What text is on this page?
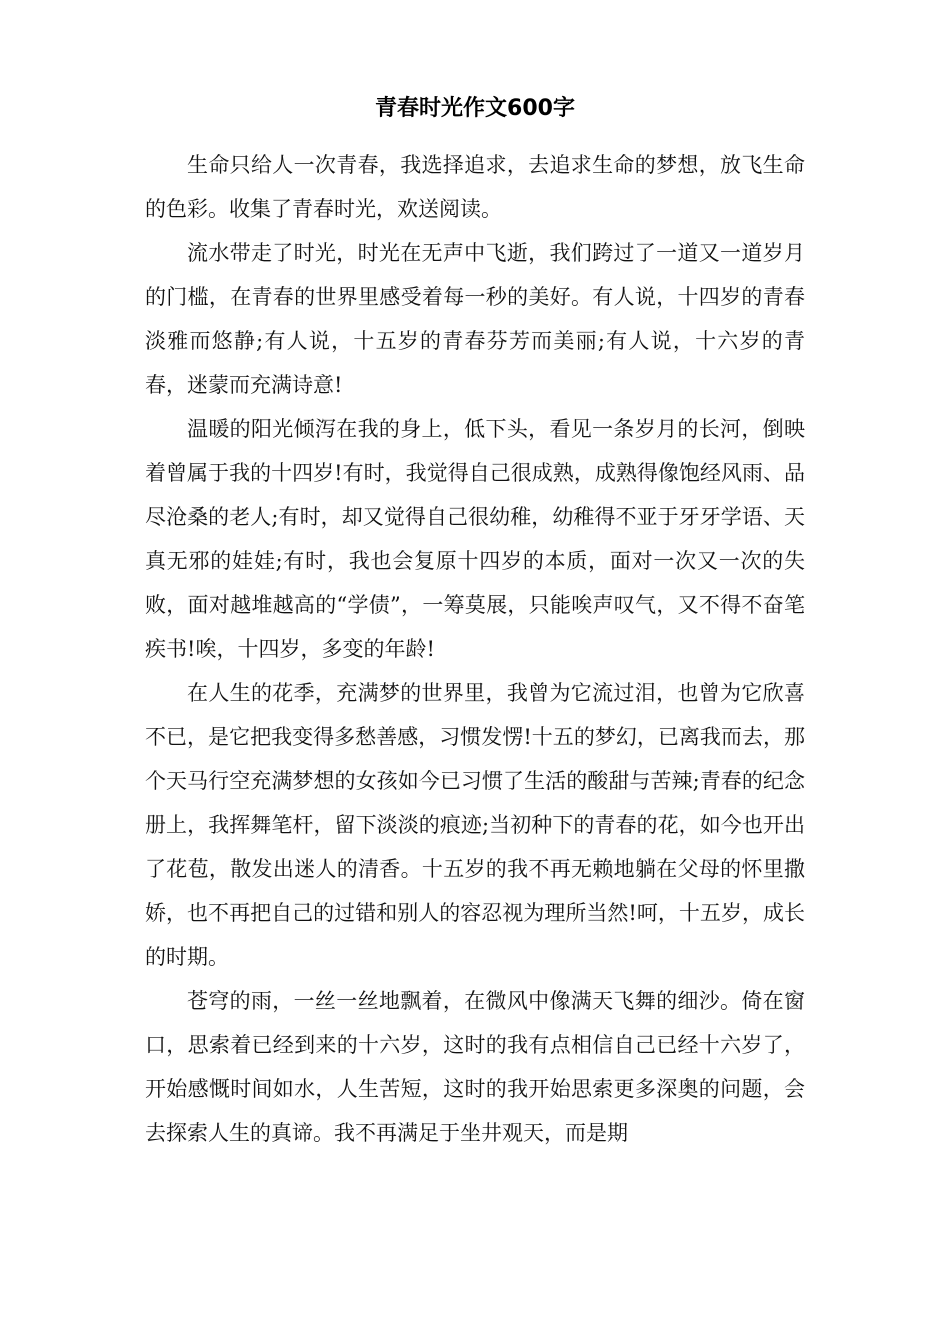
青春时光作文600字

生命只给人一次青春，我选择追求，去追求生命的梦想，放飞生命的色彩。收集了青春时光，欢送阅读。

流水带走了时光，时光在无声中飞逝，我们跨过了一道又一道岁月的门槛，在青春的世界里感受着每一秒的美好。有人说，十四岁的青春淡雅而悠静;有人说，十五岁的青春芬芳而美丽;有人说，十六岁的青春，迷蒙而充满诗意!

温暖的阳光倾泻在我的身上，低下头，看见一条岁月的长河，倒映着曾属于我的十四岁!有时，我觉得自己很成熟，成熟得像饱经风雨、品尽沧桑的老人;有时，却又觉得自己很幼稚，幼稚得不亚于牙牙学语、天真无邪的娃娃;有时，我也会复原十四岁的本质，面对一次又一次的失败，面对越堆越高的“学债”，一筹莫展，只能唉声叹气，又不得不奋笔疾书!唉，十四岁，多变的年龄!

在人生的花季，充满梦的世界里，我曾为它流过泪，也曾为它欣喜不已，是它把我变得多愁善感，习惯发愣!十五的梦幻，已离我而去，那个天马行空充满梦想的女孩如今已习惯了生活的酸甜与苦辣;青春的纪念册上，我挥舞笔杆，留下淡淡的痕迹;当初种下的青春的花，如今也开出了花苞，散发出迷人的清香。十五岁的我不再无赖地躺在父母的怀里撒娇，也不再把自己的过错和别人的容忍视为理所当然!呵，十五岁，成长的时期。

苍穹的雨，一丝一丝地飘着，在微风中像满天飞舞的细沙。倚在窗口，思索着已经到来的十六岁，这时的我有点相信自己已经十六岁了，开始感慨时间如水，人生苦短，这时的我开始思索更多深奥的问题，会去探索人生的真谛。我不再满足于坐井观天，而是期
